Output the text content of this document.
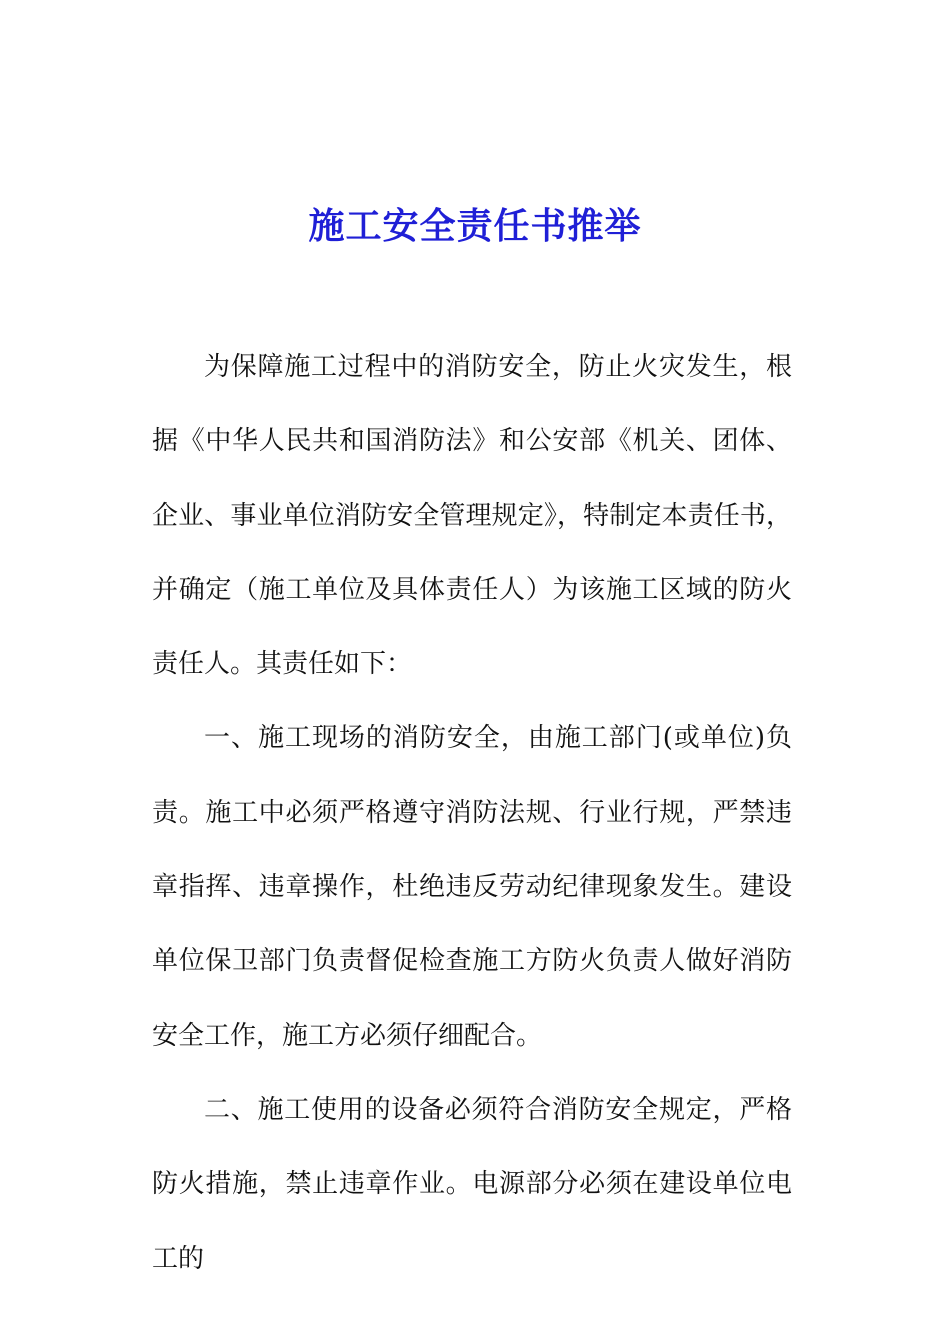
施工安全责任书推举

为保障施工过程中的消防安全，防止火灾发生，根据《中华人民共和国消防法》和公安部《机关、团体、企业、事业单位消防安全管理规定》，特制定本责任书，并确定（施工单位及具体责任人）为该施工区域的防火责任人。其责任如下：

一、施工现场的消防安全，由施工部门(或单位)负责。施工中必须严格遵守消防法规、行业行规，严禁违章指挥、违章操作，杜绝违反劳动纪律现象发生。建设单位保卫部门负责督促检查施工方防火负责人做好消防安全工作，施工方必须仔细配合。

二、施工使用的设备必须符合消防安全规定，严格防火措施，禁止违章作业。电源部分必须在建设单位电工的
